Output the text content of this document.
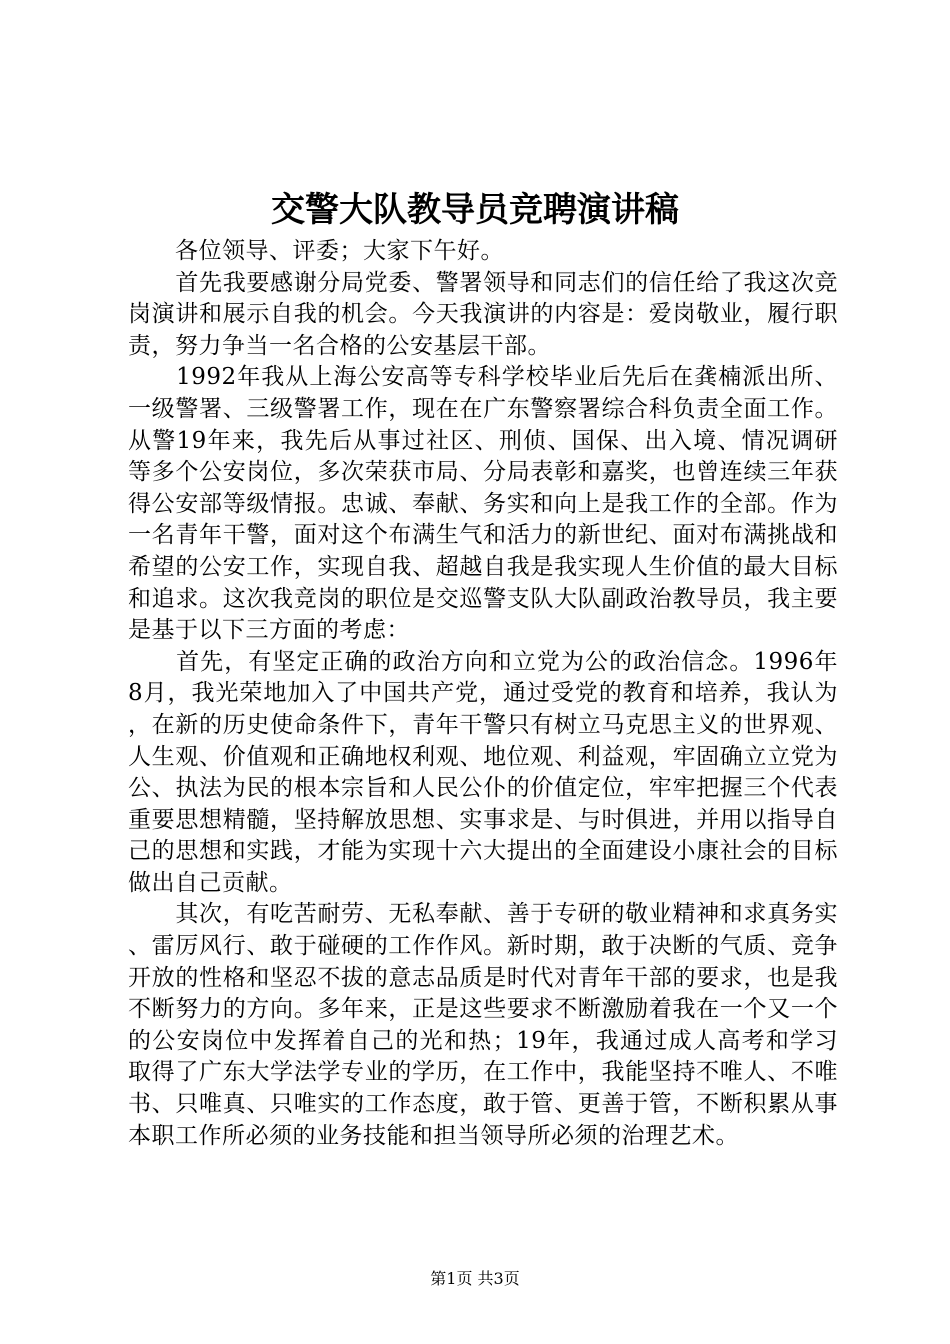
交警大队教导员竞聘演讲稿

　　各位领导、评委；大家下午好。

　　首先我要感谢分局党委、警署领导和同志们的信任给了我这次竞岗演讲和展示自我的机会。今天我演讲的内容是：爱岗敬业，履行职责，努力争当一名合格的公安基层干部。

　　1992年我从上海公安高等专科学校毕业后先后在龚楠派出所、一级警署、三级警署工作，现在在广东警察署综合科负责全面工作。从警19年来，我先后从事过社区、刑侦、国保、出入境、情况调研等多个公安岗位，多次荣获市局、分局表彰和嘉奖，也曾连续三年获得公安部等级情报。忠诚、奉献、务实和向上是我工作的全部。作为一名青年干警，面对这个布满生气和活力的新世纪、面对布满挑战和希望的公安工作，实现自我、超越自我是我实现人生价值的最大目标和追求。这次我竞岗的职位是交巡警支队大队副政治教导员，我主要是基于以下三方面的考虑：

　　首先，有坚定正确的政治方向和立党为公的政治信念。1996年8月，我光荣地加入了中国共产党，通过受党的教育和培养，我认为，在新的历史使命条件下，青年干警只有树立马克思主义的世界观、人生观、价值观和正确地权利观、地位观、利益观，牢固确立立党为公、执法为民的根本宗旨和人民公仆的价值定位，牢牢把握三个代表重要思想精髓，坚持解放思想、实事求是、与时俱进，并用以指导自己的思想和实践，才能为实现十六大提出的全面建设小康社会的目标做出自己贡献。

　　其次，有吃苦耐劳、无私奉献、善于专研的敬业精神和求真务实、雷厉风行、敢于碰硬的工作作风。新时期，敢于决断的气质、竞争开放的性格和坚忍不拔的意志品质是时代对青年干部的要求，也是我不断努力的方向。多年来，正是这些要求不断激励着我在一个又一个的公安岗位中发挥着自己的光和热；19年，我通过成人高考和学习取得了广东大学法学专业的学历，在工作中，我能坚持不唯人、不唯书、只唯真、只唯实的工作态度，敢于管、更善于管，不断积累从事本职工作所必须的业务技能和担当领导所必须的治理艺术。

第1页 共3页
